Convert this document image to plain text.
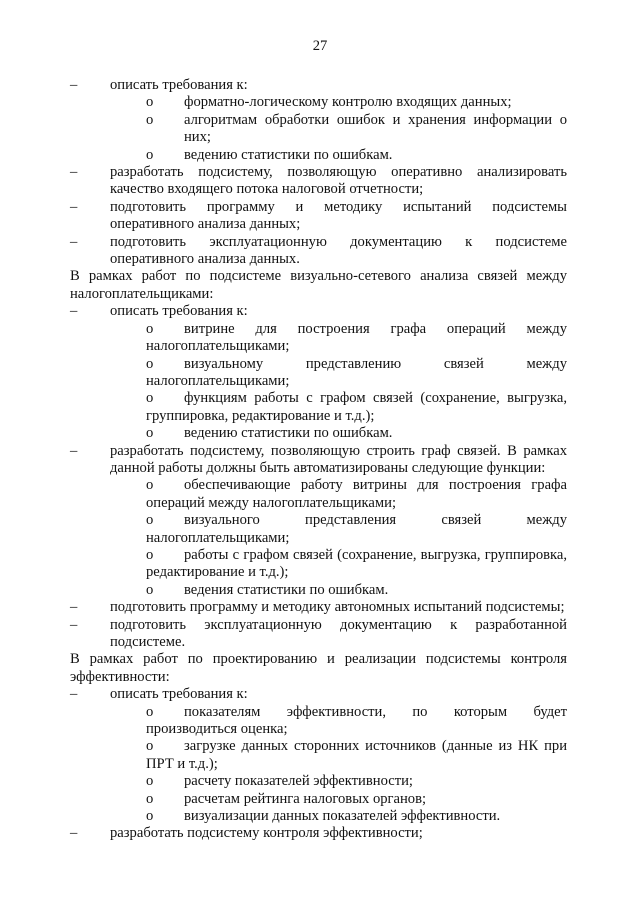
27

– описать требования к:

o	форматно-логическому контролю входящих данных;

o	алгоритмам обработки ошибок и хранения информации о них;

o	ведению статистики по ошибкам.

– разработать подсистему, позволяющую оперативно анализировать качество входящего потока налоговой отчетности;

– подготовить программу и методику испытаний подсистемы оперативного анализа данных;

– подготовить эксплуатационную документацию к подсистеме оперативного анализа данных.

В рамках работ по подсистеме визуально-сетевого анализа связей между налогоплательщиками:

– описать требования к:

o	витрине для построения графа операций между налогоплательщиками;

o	визуальному представлению связей между налогоплательщиками;

o	функциям работы с графом связей (сохранение, выгрузка, группировка, редактирование и т.д.);

o	ведению статистики по ошибкам.

– разработать подсистему, позволяющую строить граф связей. В рамках данной работы должны быть автоматизированы следующие функции:

o	обеспечивающие работу витрины для построения графа операций между налогоплательщиками;

o	визуального представления связей между налогоплательщиками;

o	работы с графом связей (сохранение, выгрузка, группировка, редактирование и т.д.);

o	ведения статистики по ошибкам.

– подготовить программу и методику автономных испытаний подсистемы;

– подготовить эксплуатационную документацию к разработанной подсистеме.

В рамках работ по проектированию и реализации подсистемы контроля эффективности:

– описать требования к:

o	показателям эффективности, по которым будет производиться оценка;

o	загрузке данных сторонних источников (данные из НК при ПРТ и т.д.);

o	расчету показателей эффективности;

o	расчетам рейтинга налоговых органов;

o	визуализации данных показателей эффективности.

– разработать подсистему контроля эффективности;
